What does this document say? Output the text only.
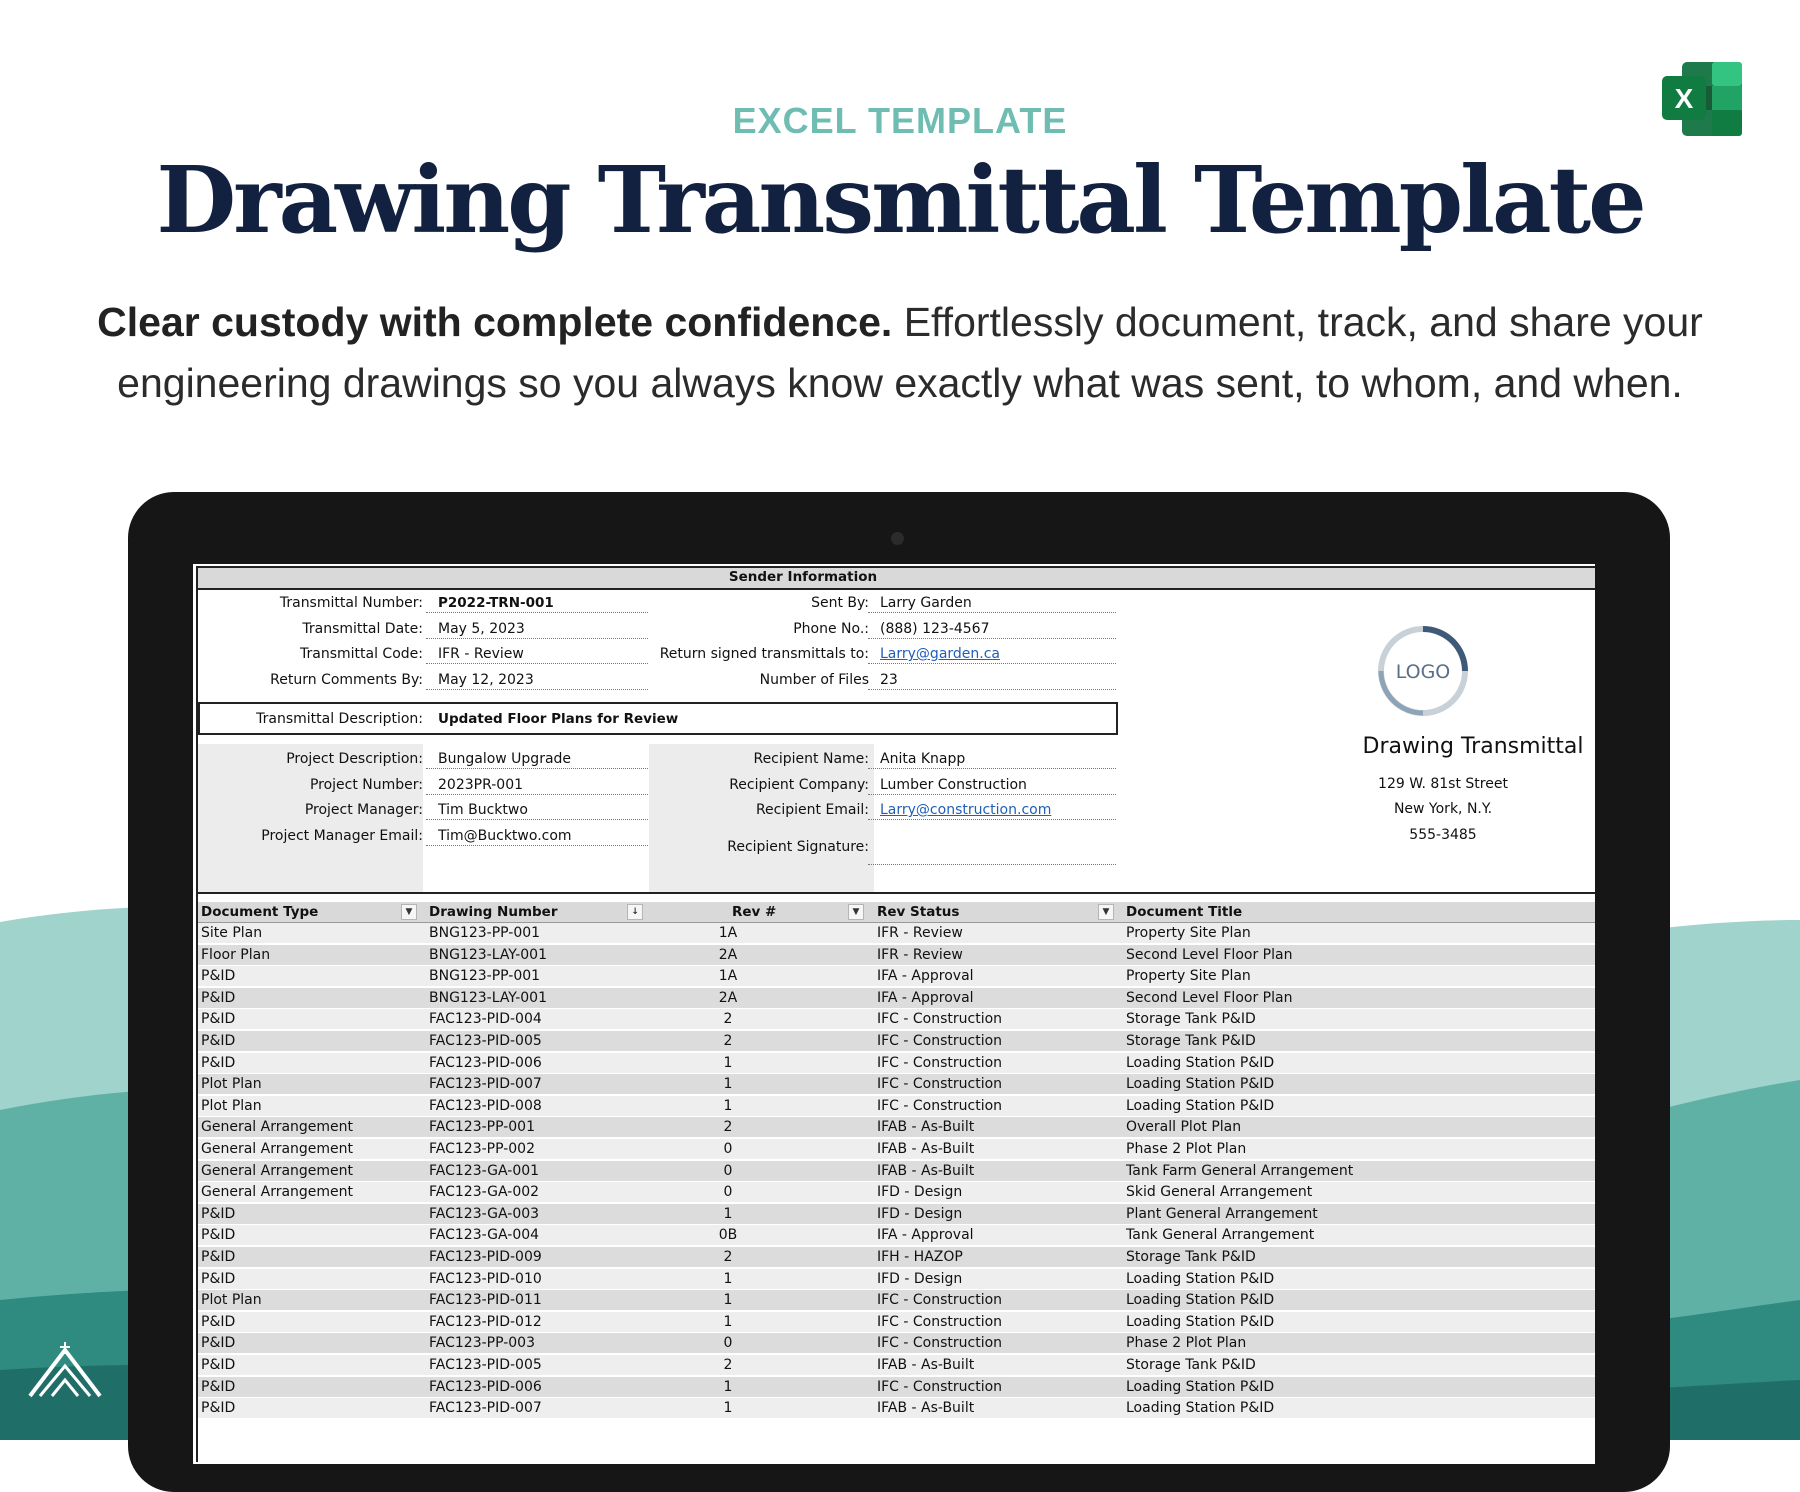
EXCEL TEMPLATE
Drawing Transmittal Template
Clear custody with complete confidence. Effortlessly document, track, and share your engineering drawings so you always know exactly what was sent, to whom, and when.
X
Sender Information
Transmittal Number:	P2022-TRN-001
Transmittal Date:	May 5, 2023
Transmittal Code:	IFR - Review
Return Comments By:	May 12, 2023
Sent By: Larry Garden
Phone No.: (888) 123-4567
Return signed transmittals to: Larry@garden.ca
Number of Files 23
Transmittal Description:	Updated Floor Plans for Review
Project Description:	Bungalow Upgrade
Project Number:	2023PR-001
Project Manager:	Tim Bucktwo
Project Manager Email:	Tim@Bucktwo.com
Recipient Name: Anita Knapp
Recipient Company: Lumber Construction
Recipient Email: Larry@construction.com
Recipient Signature:
LOGO
Drawing Transmittal
129 W. 81st Street
New York, N.Y.
555-3485
Document Type	▼	Drawing Number	↓	Rev #	▼	Rev Status	▼	Document Title
Site Plan	BNG123-PP-001	1A	IFR - Review	Property Site Plan
Floor Plan	BNG123-LAY-001	2A	IFR - Review	Second Level Floor Plan
P&ID	BNG123-PP-001	1A	IFA - Approval	Property Site Plan
P&ID	BNG123-LAY-001	2A	IFA - Approval	Second Level Floor Plan
P&ID	FAC123-PID-004	2	IFC - Construction	Storage Tank P&ID
P&ID	FAC123-PID-005	2	IFC - Construction	Storage Tank P&ID
P&ID	FAC123-PID-006	1	IFC - Construction	Loading Station P&ID
Plot Plan	FAC123-PID-007	1	IFC - Construction	Loading Station P&ID
Plot Plan	FAC123-PID-008	1	IFC - Construction	Loading Station P&ID
General Arrangement	FAC123-PP-001	2	IFAB - As-Built	Overall Plot Plan
General Arrangement	FAC123-PP-002	0	IFAB - As-Built	Phase 2 Plot Plan
General Arrangement	FAC123-GA-001	0	IFAB - As-Built	Tank Farm General Arrangement
General Arrangement	FAC123-GA-002	0	IFD - Design	Skid General Arrangement
P&ID	FAC123-GA-003	1	IFD - Design	Plant General Arrangement
P&ID	FAC123-GA-004	0B	IFA - Approval	Tank General Arrangement
P&ID	FAC123-PID-009	2	IFH - HAZOP	Storage Tank P&ID
P&ID	FAC123-PID-010	1	IFD - Design	Loading Station P&ID
Plot Plan	FAC123-PID-011	1	IFC - Construction	Loading Station P&ID
P&ID	FAC123-PID-012	1	IFC - Construction	Loading Station P&ID
P&ID	FAC123-PP-003	0	IFC - Construction	Phase 2 Plot Plan
P&ID	FAC123-PID-005	2	IFAB - As-Built	Storage Tank P&ID
P&ID	FAC123-PID-006	1	IFC - Construction	Loading Station P&ID
P&ID	FAC123-PID-007	1	IFAB - As-Built	Loading Station P&ID
